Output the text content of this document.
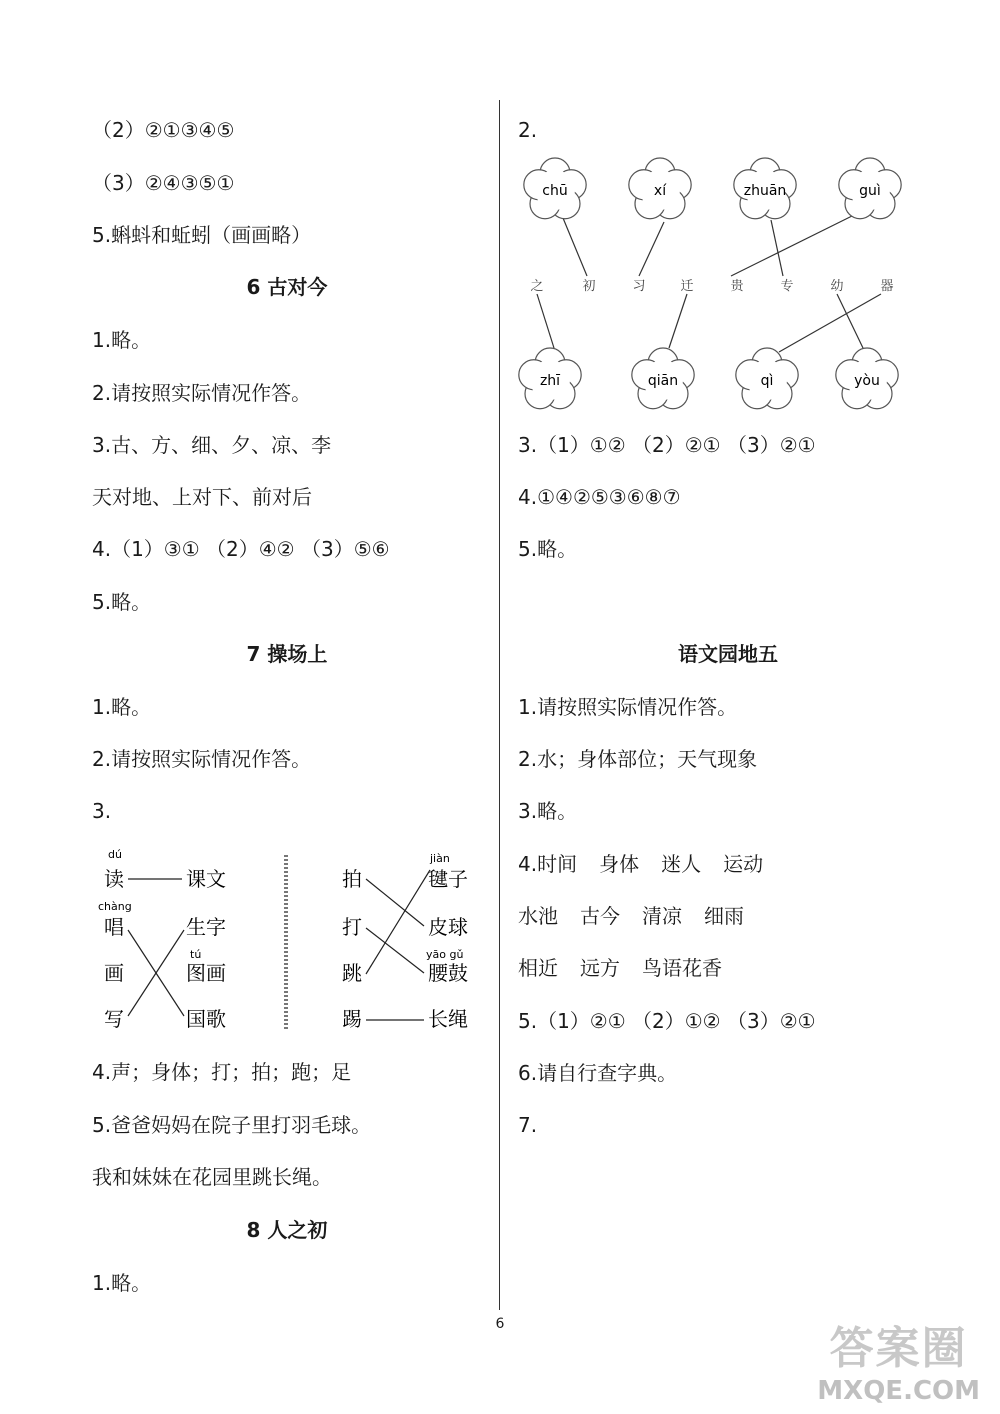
（2）②①③④⑤
（3）②④③⑤①
5.蝌蚪和蚯蚓（画画略）
6 古对今
1.略。
2.请按照实际情况作答。
3.古、方、细、夕、凉、李
天对地、上对下、前对后
4.（1）③① （2）④② （3）⑤⑥
5.略。
7 操场上
1.略。
2.请按照实际情况作答。
3.
dú
读
chàng
唱
画
写
课文
生字
tú
图画
国歌
拍
打
跳
踢
jiàn
毽子
皮球
yāo gǔ
腰鼓
长绳
4.声；身体；打；拍；跑；足
5.爸爸妈妈在院子里打羽毛球。
我和妹妹在花园里跳长绳。
8 人之初
1.略。
2.
chū	xí	zhuān	guì
zhī	qiān	qì	yòu
之	初	习	迁	贵	专	幼	器
3.（1）①② （2）②① （3）②①
4.①④②⑤③⑥⑧⑦
5.略。
语文园地五
1.请按照实际情况作答。
2.水；身体部位；天气现象
3.略。
4.时间 身体 迷人 运动
水池 古今 清凉 细雨
相近 远方 鸟语花香
5.（1）②① （2）①② （3）②①
6.请自行查字典。
7.
6	答案圈
MXQE.COM
